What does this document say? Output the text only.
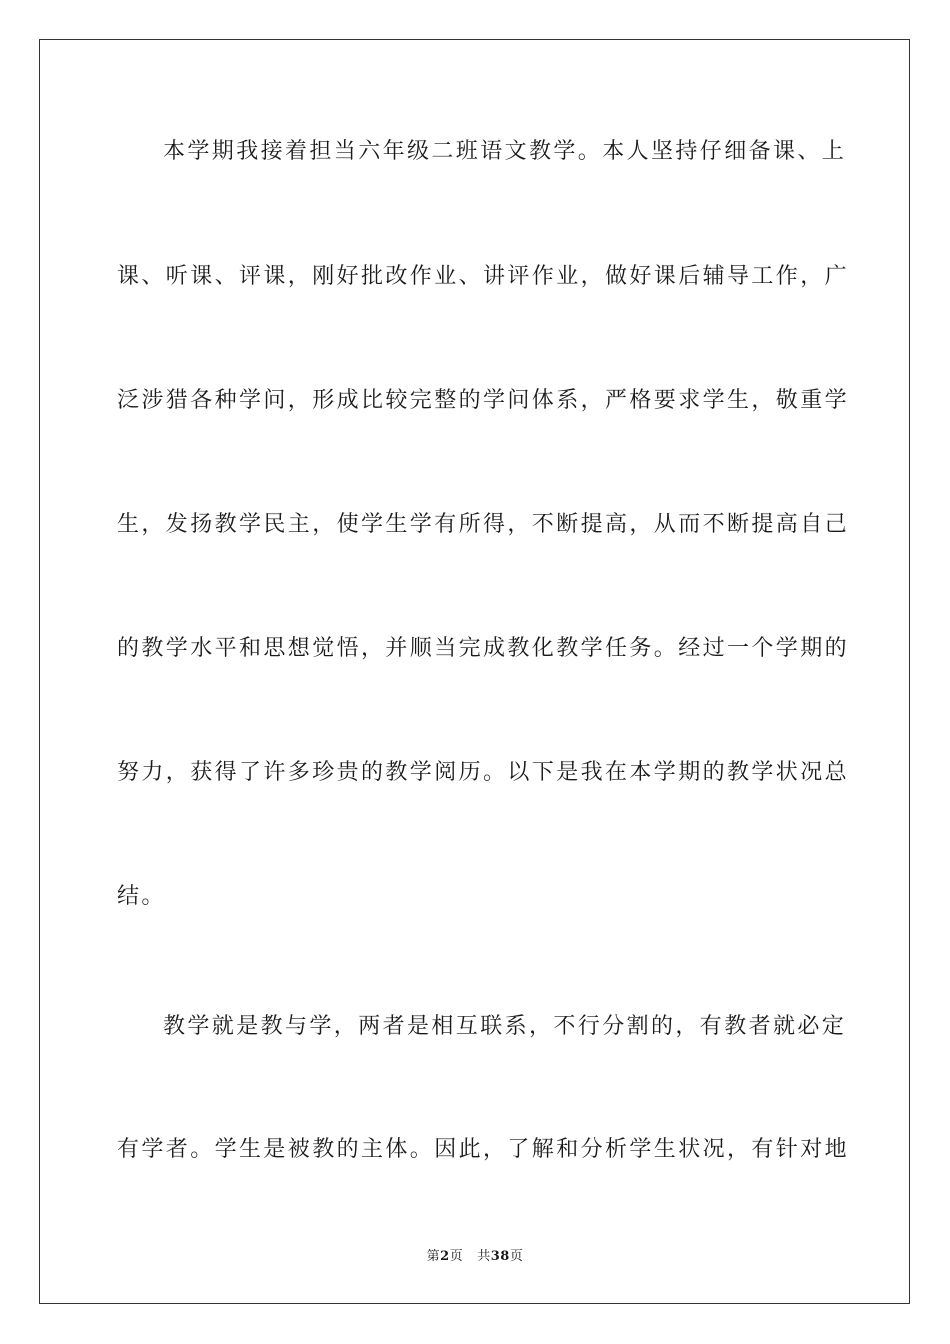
本学期我接着担当六年级二班语文教学。本人坚持仔细备课、上
课、听课、评课，刚好批改作业、讲评作业，做好课后辅导工作，广
泛涉猎各种学问，形成比较完整的学问体系，严格要求学生，敬重学
生，发扬教学民主，使学生学有所得，不断提高，从而不断提高自己
的教学水平和思想觉悟，并顺当完成教化教学任务。经过一个学期的
努力，获得了许多珍贵的教学阅历。以下是我在本学期的教学状况总
结。
教学就是教与学，两者是相互联系，不行分割的，有教者就必定
有学者。学生是被教的主体。因此，了解和分析学生状况，有针对地
第2页 共38页
